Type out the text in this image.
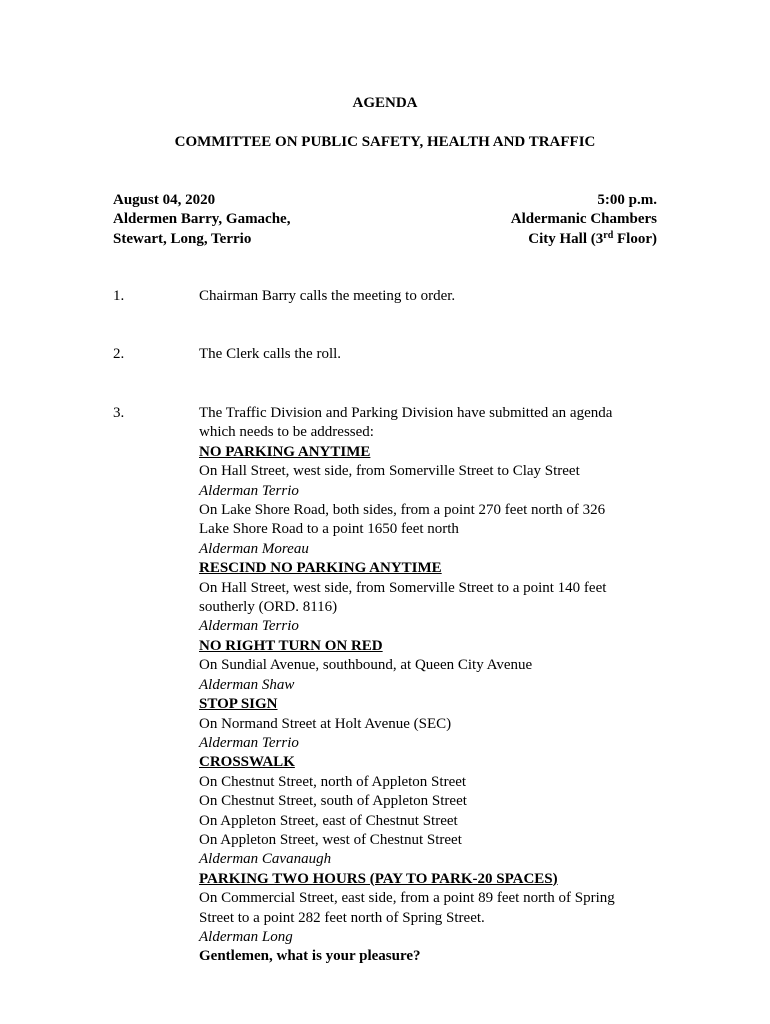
AGENDA
COMMITTEE ON PUBLIC SAFETY, HEALTH AND TRAFFIC
August 04, 2020
Aldermen Barry, Gamache,
Stewart, Long, Terrio
5:00 p.m.
Aldermanic Chambers
City Hall (3rd Floor)
1.	Chairman Barry calls the meeting to order.
2.	The Clerk calls the roll.
3.	The Traffic Division and Parking Division have submitted an agenda
which needs to be addressed:
NO PARKING ANYTIME
On Hall Street, west side, from Somerville Street to Clay Street
Alderman Terrio
On Lake Shore Road, both sides, from a point 270 feet north of 326
Lake Shore Road to a point 1650 feet north
Alderman Moreau
RESCIND NO PARKING ANYTIME
On Hall Street, west side, from Somerville Street to a point 140 feet
southerly (ORD. 8116)
Alderman Terrio
NO RIGHT TURN ON RED
On Sundial Avenue, southbound, at Queen City Avenue
Alderman Shaw
STOP SIGN
On Normand Street at Holt Avenue (SEC)
Alderman Terrio
CROSSWALK
On Chestnut Street, north of Appleton Street
On Chestnut Street, south of Appleton Street
On Appleton Street, east of Chestnut Street
On Appleton Street, west of Chestnut Street
Alderman Cavanaugh
PARKING TWO HOURS (PAY TO PARK-20 SPACES)
On Commercial Street, east side, from a point 89 feet north of Spring
Street to a point 282 feet north of Spring Street.
Alderman Long
Gentlemen, what is your pleasure?
